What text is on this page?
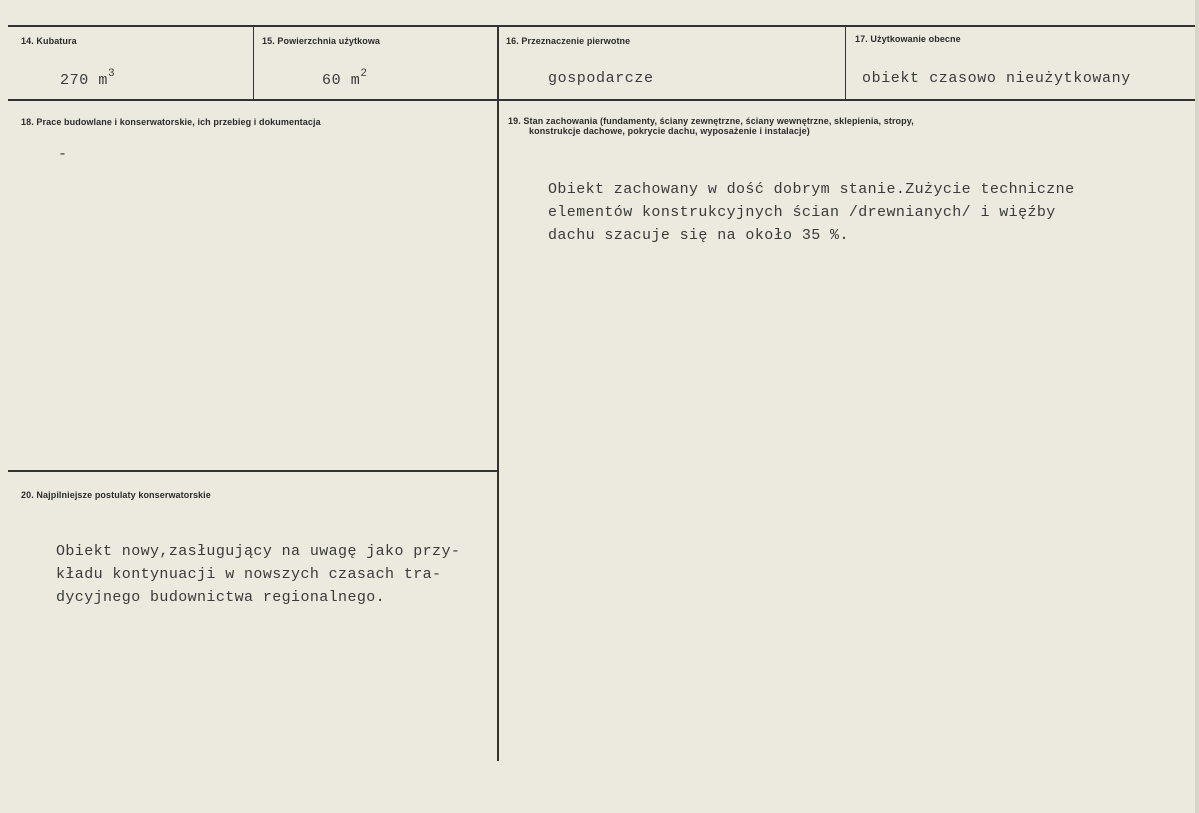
14. Kubatura
270 $m^3$
15. Powierzchnia użytkowa
60 $m^2$
16. Przeznaczenie pierwotne
gospodarcze
17. Użytkowanie obecne
obiekt czasowo nieużytkowany
18. Prace budowlane i konserwatorskie, ich przebieg i dokumentacja
-
19. Stan zachowania (fundamenty, ściany zewnętrzne, ściany wewnętrzne, sklepienia, stropy,
konstrukcje dachowe, pokrycie dachu, wyposażenie i instalacje)
Obiekt zachowany w dość dobrym stanie.Zużycie techniczne
elementów konstrukcyjnych ścian /drewnianych/ i więźby
dachu szacuje się na około 35 %.
20. Najpilniejsze postulaty konserwatorskie
Obiekt nowy,zasługujący na uwagę jako przy-
kładu kontynuacji w nowszych czasach tra-
dycyjnego budownictwa regionalnego.
